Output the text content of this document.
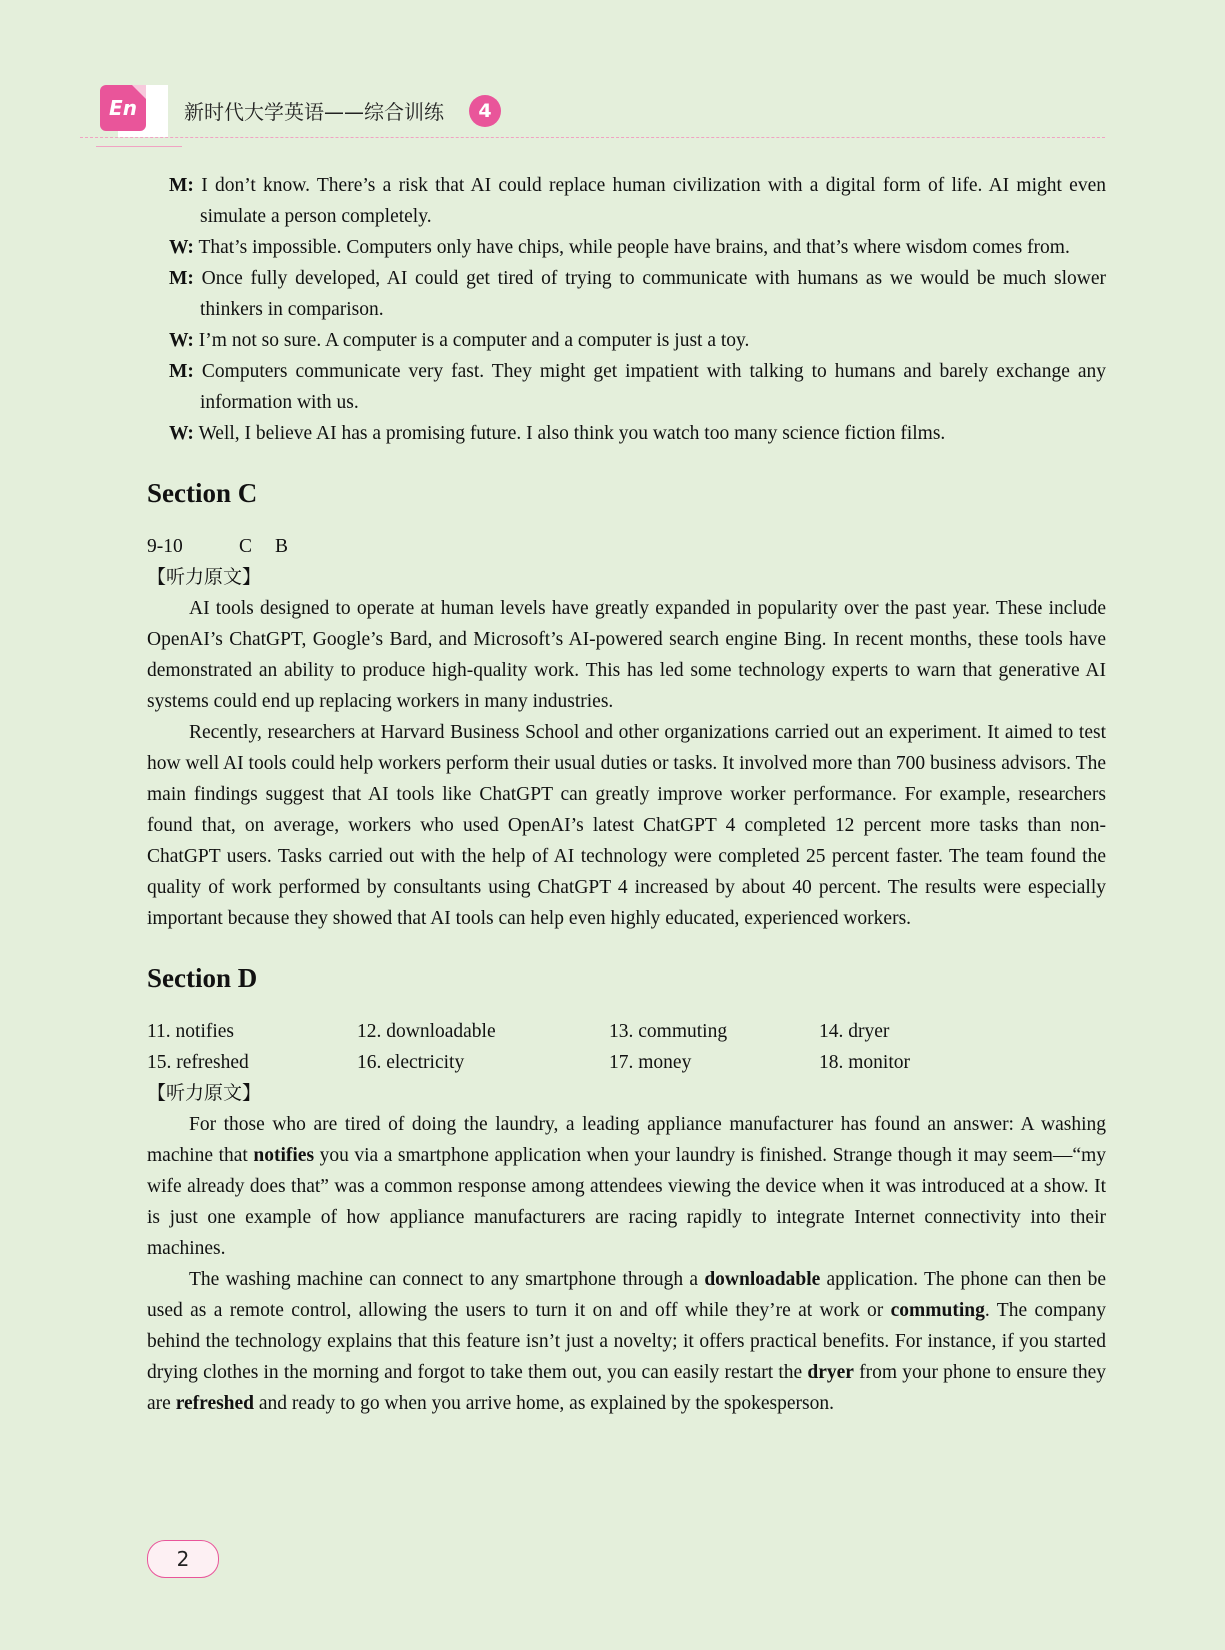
En	新时代大学英语——综合训练	4

M: I don’t know. There’s a risk that AI could replace human civilization with a digital form of life. AI might even simulate a person completely.

W: That’s impossible. Computers only have chips, while people have brains, and that’s where wisdom comes from.

M: Once fully developed, AI could get tired of trying to communicate with humans as we would be much slower thinkers in comparison.

W: I’m not so sure. A computer is a computer and a computer is just a toy.

M: Computers communicate very fast. They might get impatient with talking to humans and barely exchange any information with us.

W: Well, I believe AI has a promising future. I also think you watch too many science fiction films.

Section C

9-10	C B

【听力原文】

AI tools designed to operate at human levels have greatly expanded in popularity over the past year. These include OpenAI’s ChatGPT, Google’s Bard, and Microsoft’s AI-powered search engine Bing. In recent months, these tools have demonstrated an ability to produce high-quality work. This has led some technology experts to warn that generative AI systems could end up replacing workers in many industries.

Recently, researchers at Harvard Business School and other organizations carried out an experiment. It aimed to test how well AI tools could help workers perform their usual duties or tasks. It involved more than 700 business advisors. The main findings suggest that AI tools like ChatGPT can greatly improve worker performance. For example, researchers found that, on average, workers who used OpenAI’s latest ChatGPT 4 completed 12 percent more tasks than non-ChatGPT users. Tasks carried out with the help of AI technology were completed 25 percent faster. The team found the quality of work performed by consultants using ChatGPT 4 increased by about 40 percent. The results were especially important because they showed that AI tools can help even highly educated, experienced workers.

Section D
11. notifies	12. downloadable	13. commuting	14. dryer
15. refreshed	16. electricity	17. money	18. monitor

【听力原文】

For those who are tired of doing the laundry, a leading appliance manufacturer has found an answer: A washing machine that notifies you via a smartphone application when your laundry is finished. Strange though it may seem—“my wife already does that” was a common response among attendees viewing the device when it was introduced at a show. It is just one example of how appliance manufacturers are racing rapidly to integrate Internet connectivity into their machines.

The washing machine can connect to any smartphone through a downloadable application. The phone can then be used as a remote control, allowing the users to turn it on and off while they’re at work or commuting. The company behind the technology explains that this feature isn’t just a novelty; it offers practical benefits. For instance, if you started drying clothes in the morning and forgot to take them out, you can easily restart the dryer from your phone to ensure they are refreshed and ready to go when you arrive home, as explained by the spokesperson.

2
